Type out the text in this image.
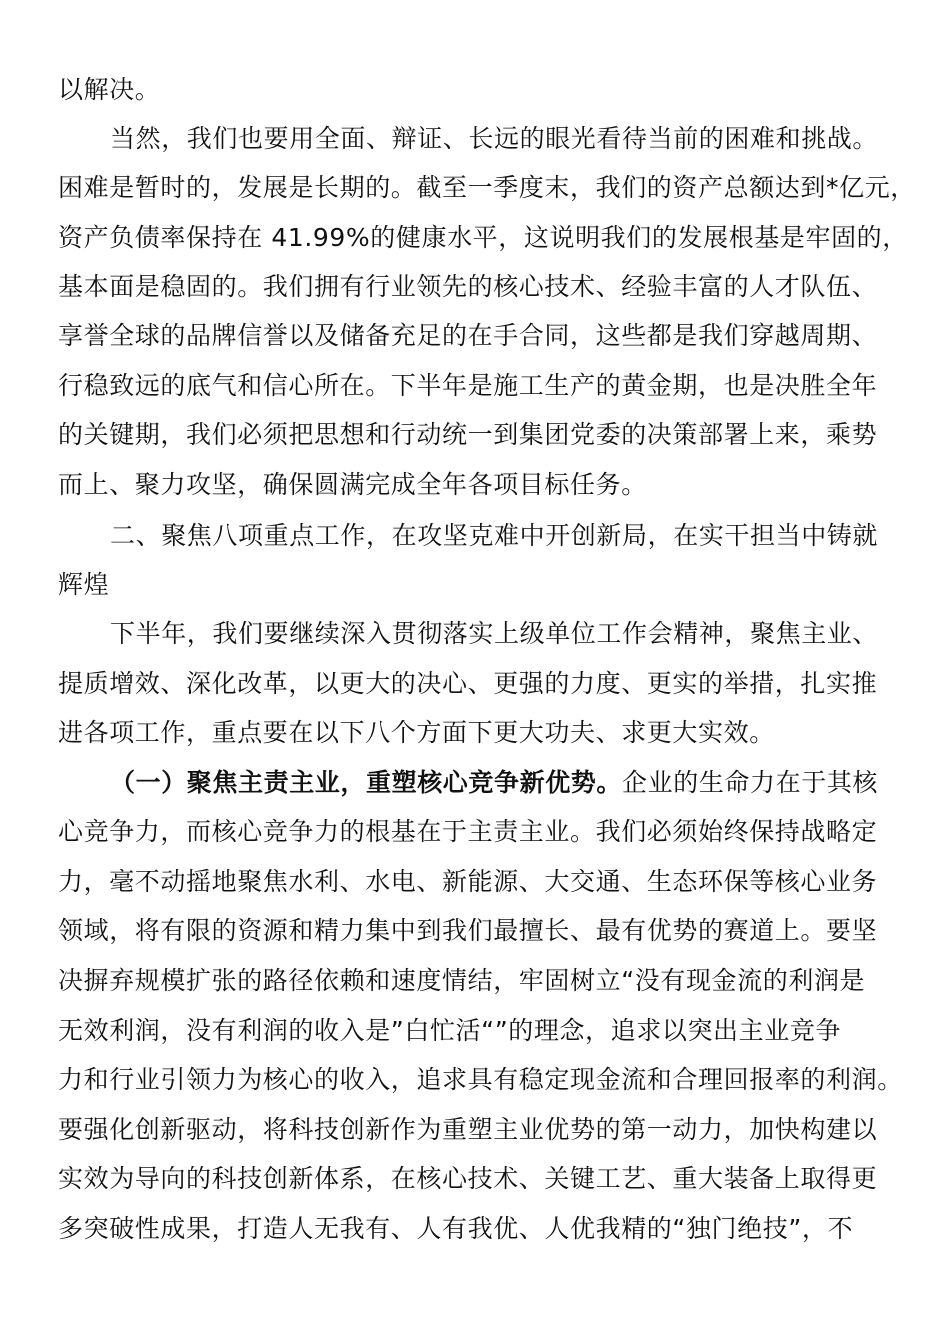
以解决。
当然，我们也要用全面、辩证、长远的眼光看待当前的困难和挑战。
困难是暂时的，发展是长期的。截至一季度末，我们的资产总额达到*亿元，
资产负债率保持在 41.99%的健康水平，这说明我们的发展根基是牢固的，
基本面是稳固的。我们拥有行业领先的核心技术、经验丰富的人才队伍、
享誉全球的品牌信誉以及储备充足的在手合同，这些都是我们穿越周期、
行稳致远的底气和信心所在。下半年是施工生产的黄金期，也是决胜全年
的关键期，我们必须把思想和行动统一到集团党委的决策部署上来，乘势
而上、聚力攻坚，确保圆满完成全年各项目标任务。
二、聚焦八项重点工作，在攻坚克难中开创新局，在实干担当中铸就
辉煌
下半年，我们要继续深入贯彻落实上级单位工作会精神，聚焦主业、
提质增效、深化改革，以更大的决心、更强的力度、更实的举措，扎实推
进各项工作，重点要在以下八个方面下更大功夫、求更大实效。
（一）聚焦主责主业，重塑核心竞争新优势。企业的生命力在于其核
心竞争力，而核心竞争力的根基在于主责主业。我们必须始终保持战略定
力，毫不动摇地聚焦水利、水电、新能源、大交通、生态环保等核心业务
领域，将有限的资源和精力集中到我们最擅长、最有优势的赛道上。要坚
决摒弃规模扩张的路径依赖和速度情结，牢固树立“没有现金流的利润是
无效利润，没有利润的收入是”白忙活“”的理念，追求以突出主业竞争
力和行业引领力为核心的收入，追求具有稳定现金流和合理回报率的利润。
要强化创新驱动，将科技创新作为重塑主业优势的第一动力，加快构建以
实效为导向的科技创新体系，在核心技术、关键工艺、重大装备上取得更
多突破性成果，打造人无我有、人有我优、人优我精的“独门绝技”，不
